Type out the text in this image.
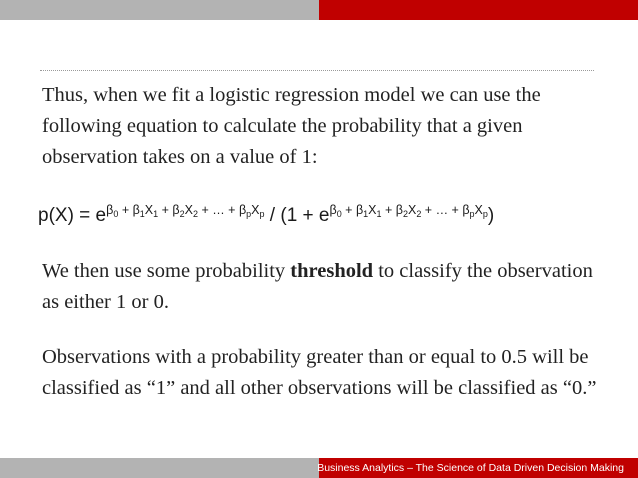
Thus, when we fit a logistic regression model we can use the following equation to calculate the probability that a given observation takes on a value of 1:

$p(X) = e^{\beta_0 + \beta_1X_1 + \beta_2X_2 + \dots + \beta_pX_p} / (1 + e^{\beta_0 + \beta_1X_1 + \beta_2X_2 + \dots + \beta_pX_p})$

We then use some probability threshold to classify the observation as either 1 or 0.

Observations with a probability greater than or equal to 0.5 will be classified as “1” and all other observations will be classified as “0.”

Business Analytics – The Science of Data Driven Decision Making
